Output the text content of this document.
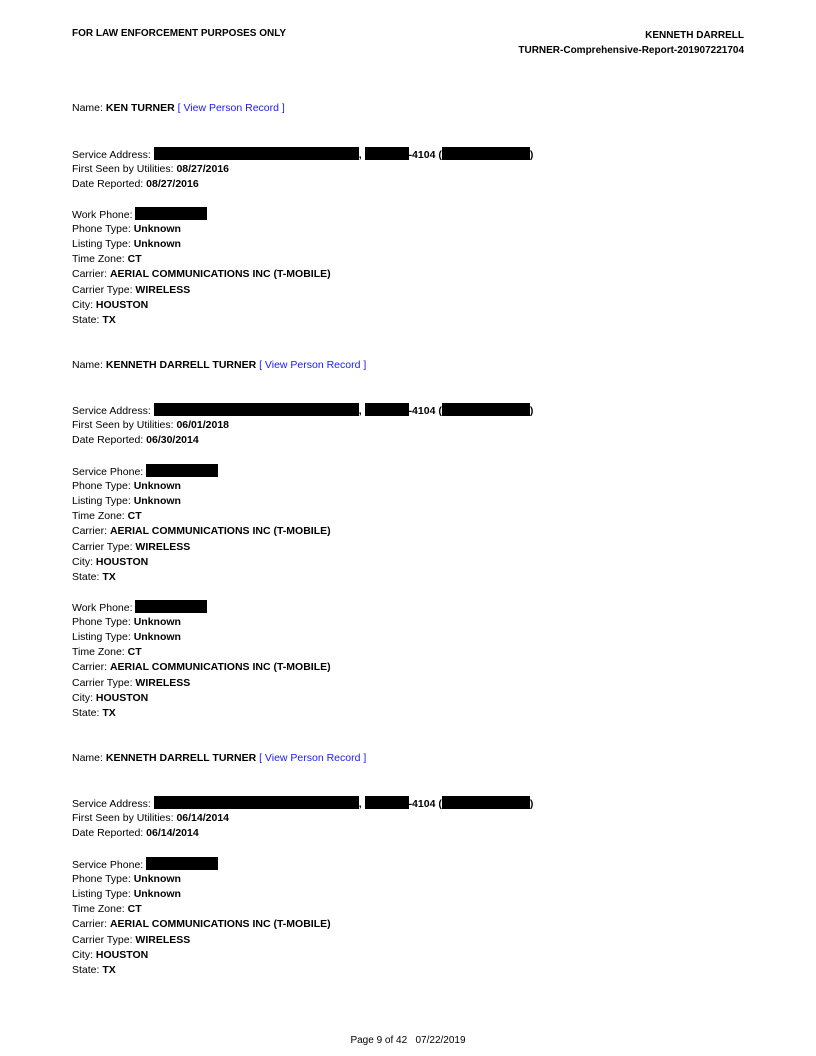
FOR LAW ENFORCEMENT PURPOSES ONLY	KENNETH DARRELL
TURNER-Comprehensive-Report-201907221704
Name: KEN TURNER [ View Person Record ]
Service Address:	,	-4104 (	)
First Seen by Utilities: 08/27/2016
Date Reported: 08/27/2016
Work Phone:
Phone Type: Unknown
Listing Type: Unknown
Time Zone: CT
Carrier: AERIAL COMMUNICATIONS INC (T-MOBILE)
Carrier Type: WIRELESS
City: HOUSTON
State: TX
Name: KENNETH DARRELL TURNER [ View Person Record ]
Service Address:	,	-4104 (	)
First Seen by Utilities: 06/01/2018
Date Reported: 06/30/2014
Service Phone:
Phone Type: Unknown
Listing Type: Unknown
Time Zone: CT
Carrier: AERIAL COMMUNICATIONS INC (T-MOBILE)
Carrier Type: WIRELESS
City: HOUSTON
State: TX
Work Phone:
Phone Type: Unknown
Listing Type: Unknown
Time Zone: CT
Carrier: AERIAL COMMUNICATIONS INC (T-MOBILE)
Carrier Type: WIRELESS
City: HOUSTON
State: TX
Name: KENNETH DARRELL TURNER [ View Person Record ]
Service Address:	,	-4104 (	)
First Seen by Utilities: 06/14/2014
Date Reported: 06/14/2014
Service Phone:
Phone Type: Unknown
Listing Type: Unknown
Time Zone: CT
Carrier: AERIAL COMMUNICATIONS INC (T-MOBILE)
Carrier Type: WIRELESS
City: HOUSTON
State: TX
Page 9 of 42 07/22/2019
